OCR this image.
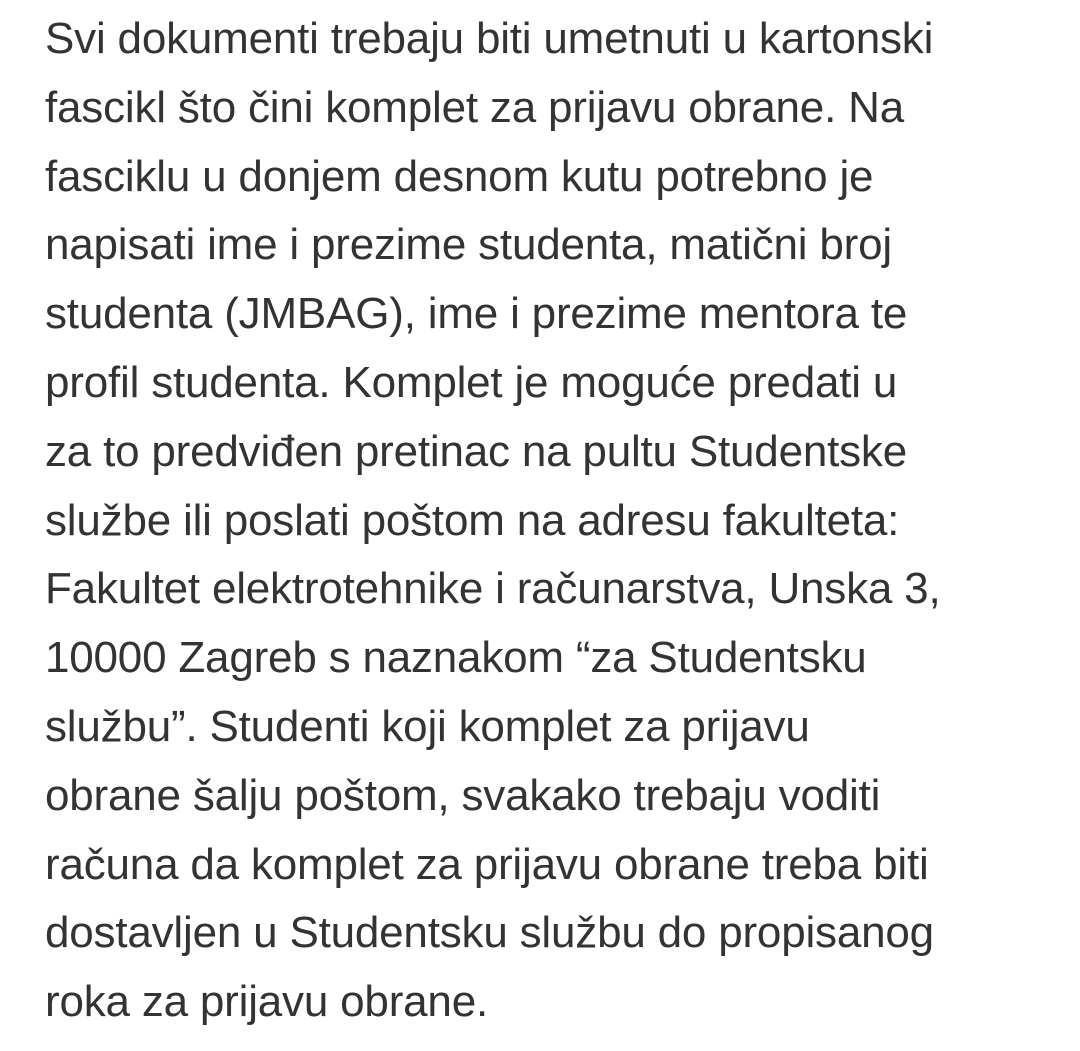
Svi dokumenti trebaju biti umetnuti u kartonski
fascikl što čini komplet za prijavu obrane. Na
fasciklu u donjem desnom kutu potrebno je
napisati ime i prezime studenta, matični broj
studenta (JMBAG), ime i prezime mentora te
profil studenta. Komplet je moguće predati u
za to predviđen pretinac na pultu Studentske
službe ili poslati poštom na adresu fakulteta:
Fakultet elektrotehnike i računarstva, Unska 3,
10000 Zagreb s naznakom “za Studentsku
službu”. Studenti koji komplet za prijavu
obrane šalju poštom, svakako trebaju voditi
računa da komplet za prijavu obrane treba biti
dostavljen u Studentsku službu do propisanog
roka za prijavu obrane.
